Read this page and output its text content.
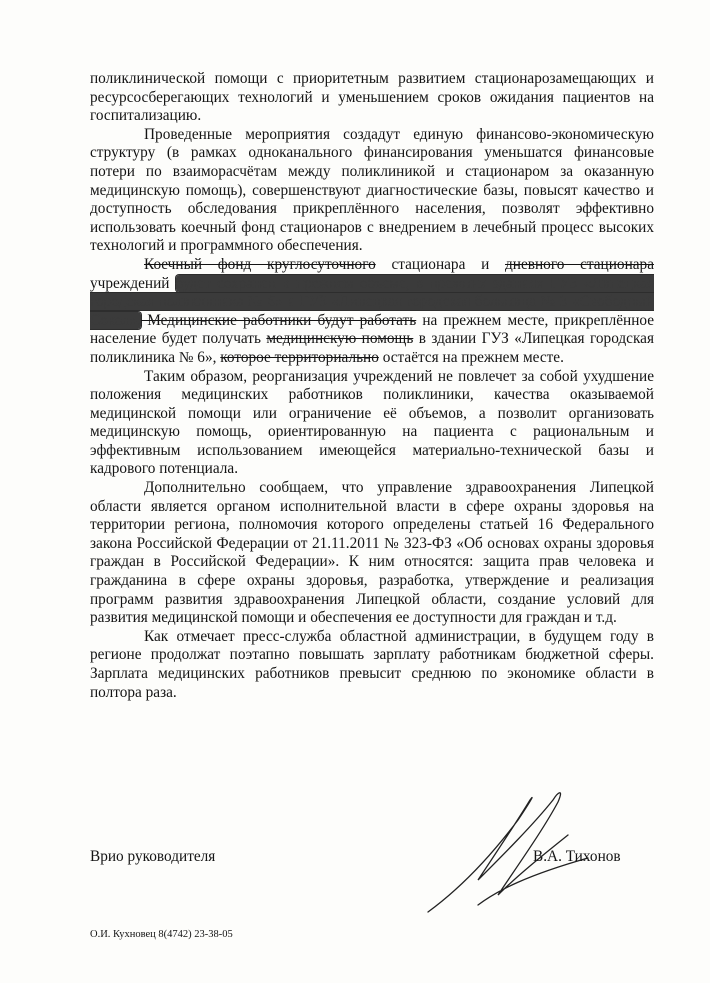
поликлинической помощи с приоритетным развитием стационарозамещающих и ресурсосберегающих технологий и уменьшением сроков ожидания пациентов на госпитализацию.

Проведенные мероприятия создадут единую финансово-экономическую структуру (в рамках одноканального финансирования уменьшатся финансовые потери по взаиморасчётам между поликлиникой и стационаром за оказанную медицинскую помощь), совершенствуют диагностические базы, повысят качество и доступность обследования прикреплённого населения, позволят эффективно использовать коечный фонд стационаров с внедрением в лечебный процесс высоких технологий и программного обеспечения.

Коечный фонд круглосуточного стационара и дневного стационара учреждений будет сохранен в прежнем объеме, в прежних зданиях ГУЗ «Липецкая городская поликлиника № 6» и ГУЗ «Липецкая городская больница № 3 «Свободный Сокол». Медицинские работники будут работать на прежнем месте, прикреплённое население будет получать медицинскую помощь в здании ГУЗ «Липецкая городская поликлиника № 6», которое территориально остаётся на прежнем месте.

Таким образом, реорганизация учреждений не повлечет за собой ухудшение положения медицинских работников поликлиники, качества оказываемой медицинской помощи или ограничение её объемов, а позволит организовать медицинскую помощь, ориентированную на пациента с рациональным и эффективным использованием имеющейся материально-технической базы и кадрового потенциала.

Дополнительно сообщаем, что управление здравоохранения Липецкой области является органом исполнительной власти в сфере охраны здоровья на территории региона, полномочия которого определены статьей 16 Федерального закона Российской Федерации от 21.11.2011 № 323-ФЗ «Об основах охраны здоровья граждан в Российской Федерации». К ним относятся: защита прав человека и гражданина в сфере охраны здоровья, разработка, утверждение и реализация программ развития здравоохранения Липецкой области, создание условий для развития медицинской помощи и обеспечения ее доступности для граждан и т.д.

Как отмечает пресс-служба областной администрации, в будущем году в регионе продолжат поэтапно повышать зарплату работникам бюджетной сферы. Зарплата медицинских работников превысит среднюю по экономике области в полтора раза.

Врио руководителя	В.А. Тихонов
О.И. Кухновец 8(4742) 23-38-05
